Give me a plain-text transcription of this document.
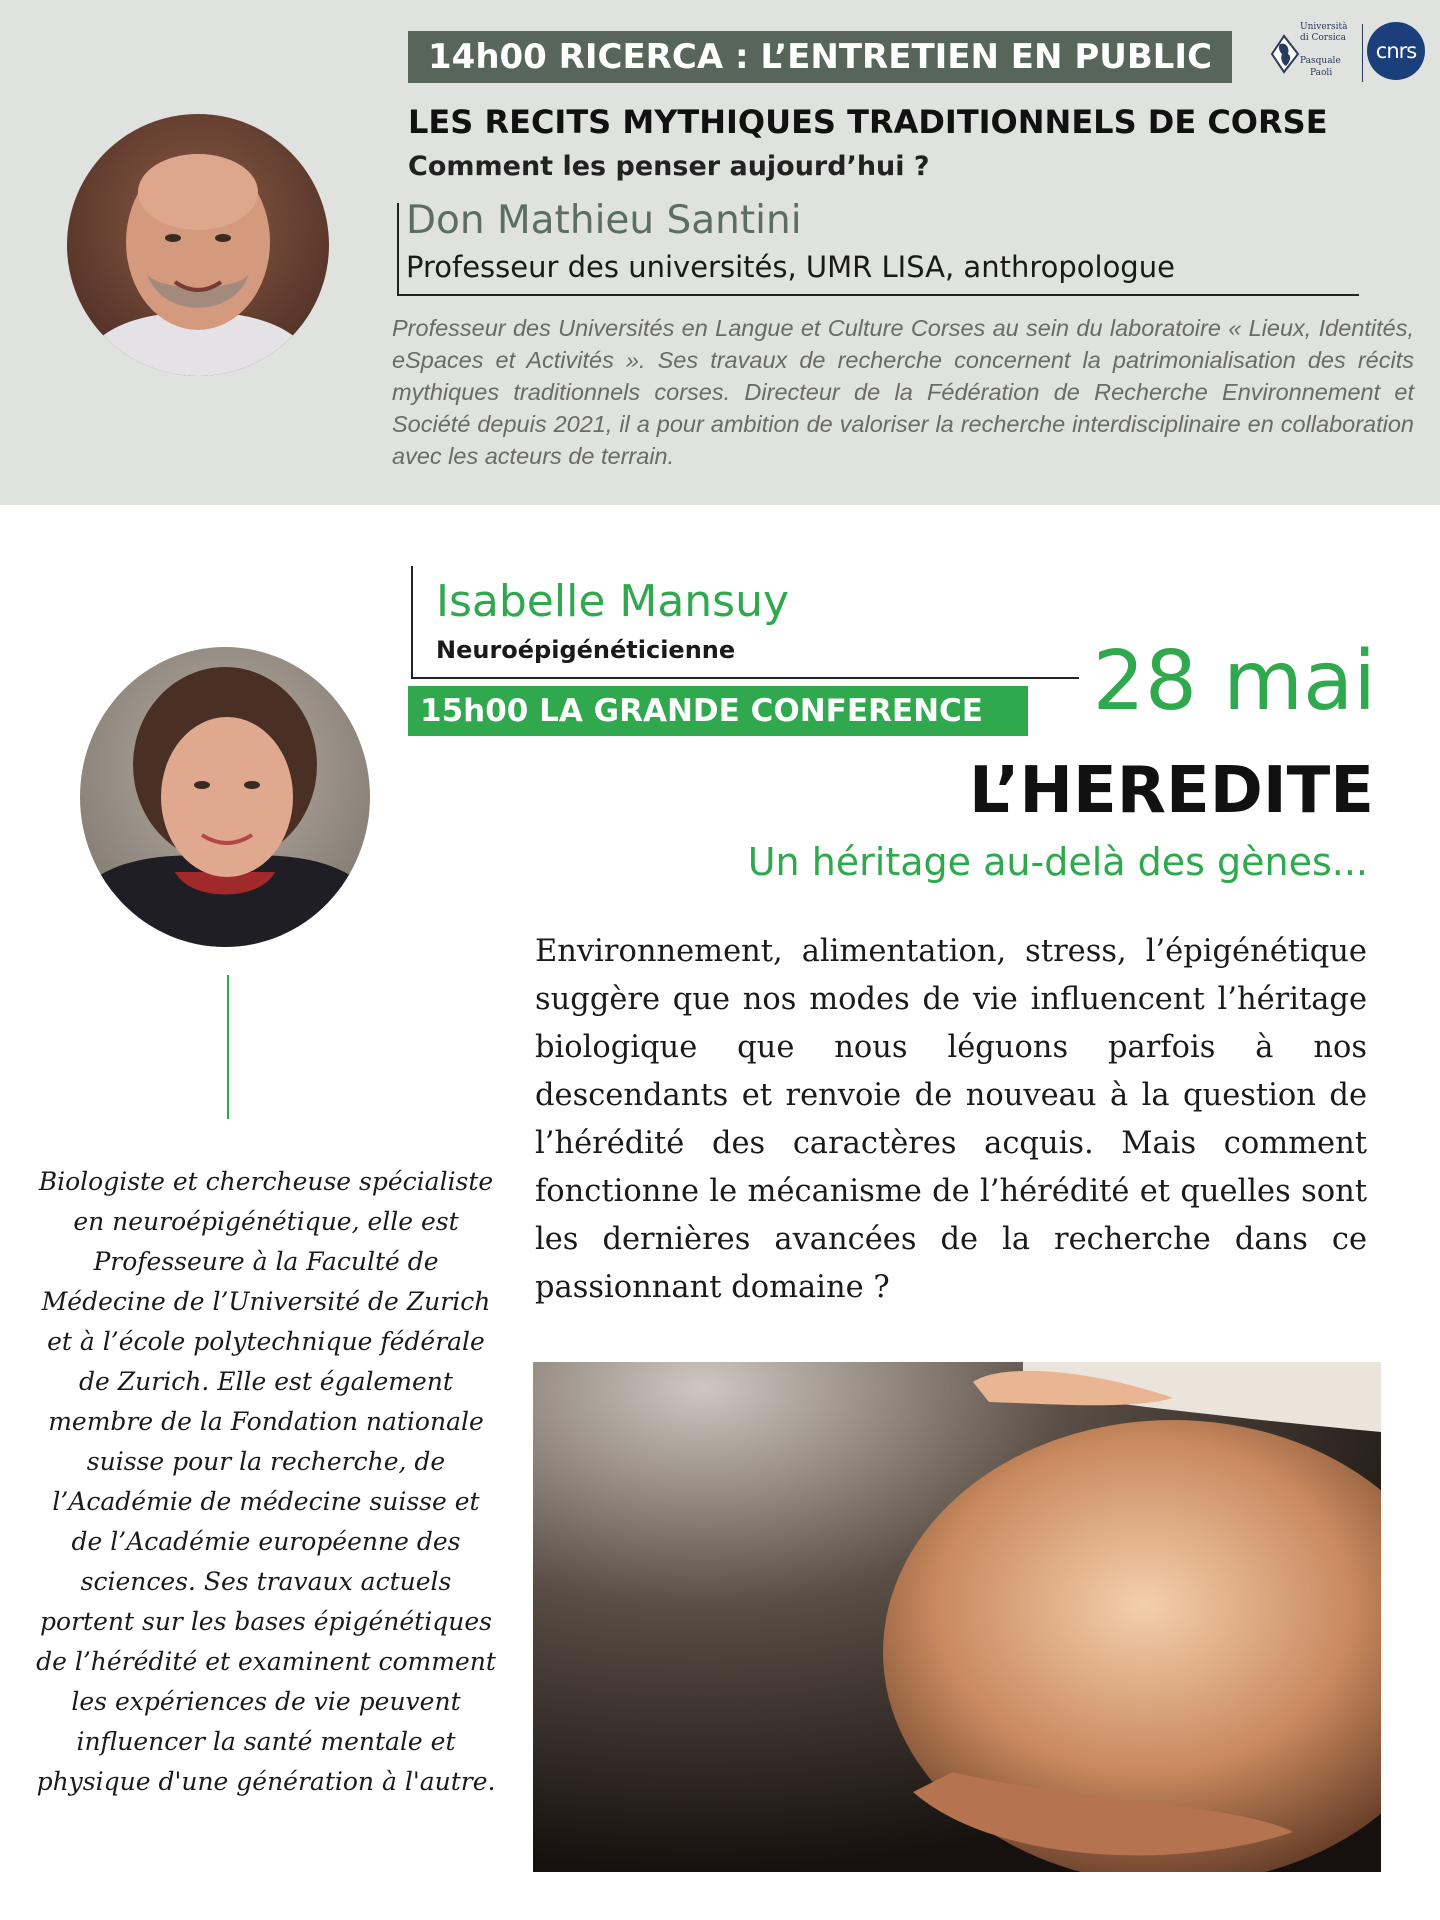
14h00 RICERCA : L’ENTRETIEN EN PUBLIC
Università
di Corsica
Pasquale
Paoli
cnrs
LES RECITS MYTHIQUES TRADITIONNELS DE CORSE
Comment les penser aujourd’hui ?
Don Mathieu Santini
Professeur des universités, UMR LISA, anthropologue

Professeur des Universités en Langue et Culture Corses au sein du laboratoire « Lieux, Identités, eSpaces et Activités ». Ses travaux de recherche concernent la patrimonialisation des récits mythiques traditionnels corses. Directeur de la Fédération de Recherche Environnement et Société depuis 2021, il a pour ambition de valoriser la recherche interdisciplinaire en collaboration avec les acteurs de terrain.

Isabelle Mansuy
Neuroépigénéticienne
15h00 LA GRANDE CONFERENCE	28 mai
L’HEREDITE
Un héritage au-delà des gènes...

Environnement, alimentation, stress, l’épigénétique suggère que nos modes de vie influencent l’héritage biologique que nous léguons parfois à nos descendants et renvoie de nouveau à la question de l’hérédité des caractères acquis. Mais comment fonctionne le mécanisme de l’hérédité et quelles sont les dernières avancées de la recherche dans ce passionnant domaine ?

Biologiste et chercheuse spécialiste en neuroépigénétique, elle est Professeure à la Faculté de Médecine de l’Université de Zurich et à l’école polytechnique fédérale de Zurich. Elle est également membre de la Fondation nationale suisse pour la recherche, de l’Académie de médecine suisse et de l’Académie européenne des sciences. Ses travaux actuels portent sur les bases épigénétiques de l’hérédité et examinent comment les expériences de vie peuvent influencer la santé mentale et physique d'une génération à l'autre.
